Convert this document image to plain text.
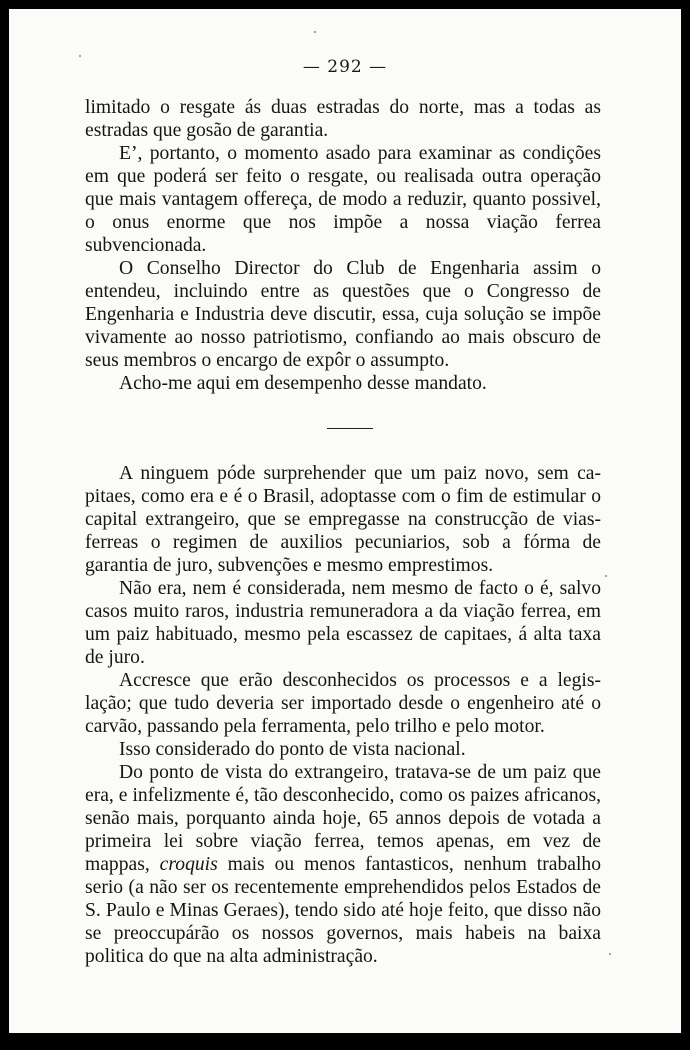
— 292 —

limitado o resgate ás duas estradas do norte, mas a todas as estradas que gosão de garantia.

E’, portanto, o momento asado para examinar as condições em que poderá ser feito o resgate, ou realisada outra operação que mais vantagem offereça, de modo a reduzir, quanto possivel, o onus enorme que nos impõe a nossa viação ferrea subvencionada.

O Conselho Director do Club de Engenharia assim o entendeu, incluindo entre as questões que o Congresso de Engenharia e Industria deve discutir, essa, cuja solução se impõe vivamente ao nosso patriotismo, confiando ao mais obscuro de seus membros o encargo de expôr o assumpto.

Acho-me aqui em desempenho desse mandato.

A ninguem póde surprehender que um paiz novo, sem capitaes, como era e é o Brasil, adoptasse com o fim de estimular o capital extrangeiro, que se empregasse na construcção de vias-ferreas o regimen de auxilios pecuniarios, sob a fórma de garantia de juro, subvenções e mesmo emprestimos.

Não era, nem é considerada, nem mesmo de facto o é, salvo casos muito raros, industria remuneradora a da viação ferrea, em um paiz habituado, mesmo pela escassez de capitaes, á alta taxa de juro.

Accresce que erão desconhecidos os processos e a legislação; que tudo deveria ser importado desde o engenheiro até o carvão, passando pela ferramenta, pelo trilho e pelo motor.

Isso considerado do ponto de vista nacional.

Do ponto de vista do extrangeiro, tratava-se de um paiz que era, e infelizmente é, tão desconhecido, como os paizes africanos, senão mais, porquanto ainda hoje, 65 annos depois de votada a primeira lei sobre viação ferrea, temos apenas, em vez de mappas, croquis mais ou menos fantasticos, nenhum trabalho serio (a não ser os recentemente emprehendidos pelos Estados de S. Paulo e Minas Geraes), tendo sido até hoje feito, que disso não se preoccupárão os nossos governos, mais habeis na baixa politica do que na alta administração.
